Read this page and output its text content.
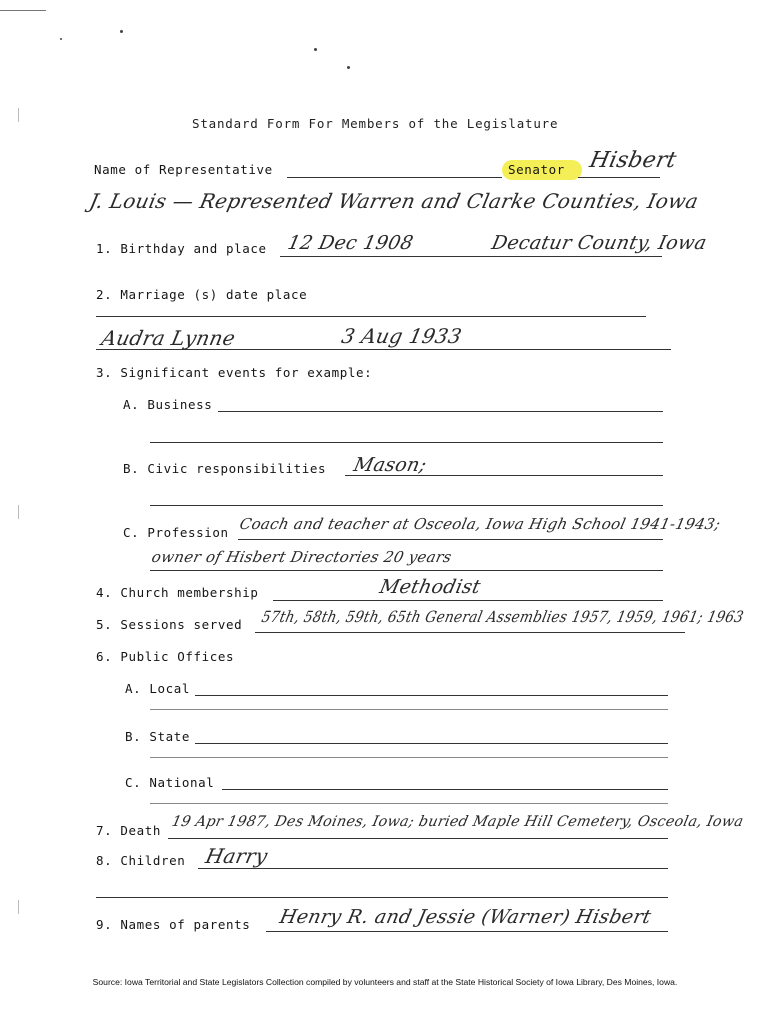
Standard Form For Members of the Legislature
Name of Representative	Senator Hisbert
J. Louis — Represented Warren and Clarke Counties, Iowa
1. Birthday and place 12 Dec 1908	Decatur County, Iowa
2. Marriage (s) date place
Audra Lynne	3 Aug 1933
3. Significant events for example:
A. Business
B. Civic responsibilities Mason;
C. Profession Coach and teacher at Osceola, Iowa High School 1941-1943;
owner of Hisbert Directories 20 years
4. Church membership	Methodist
5. Sessions served 57th, 58th, 59th, 65th General Assemblies 1957, 1959, 1961; 1963
6. Public Offices
A. Local
B. State
C. National
7. Death
19 Apr 1987, Des Moines, Iowa; buried Maple Hill Cemetery, Osceola, Iowa
8. Children Harry
9. Names of parents Henry R. and Jessie (Warner) Hisbert
Source: Iowa Territorial and State Legislators Collection compiled by volunteers and staff at the State Historical Society of Iowa Library, Des Moines, Iowa.
